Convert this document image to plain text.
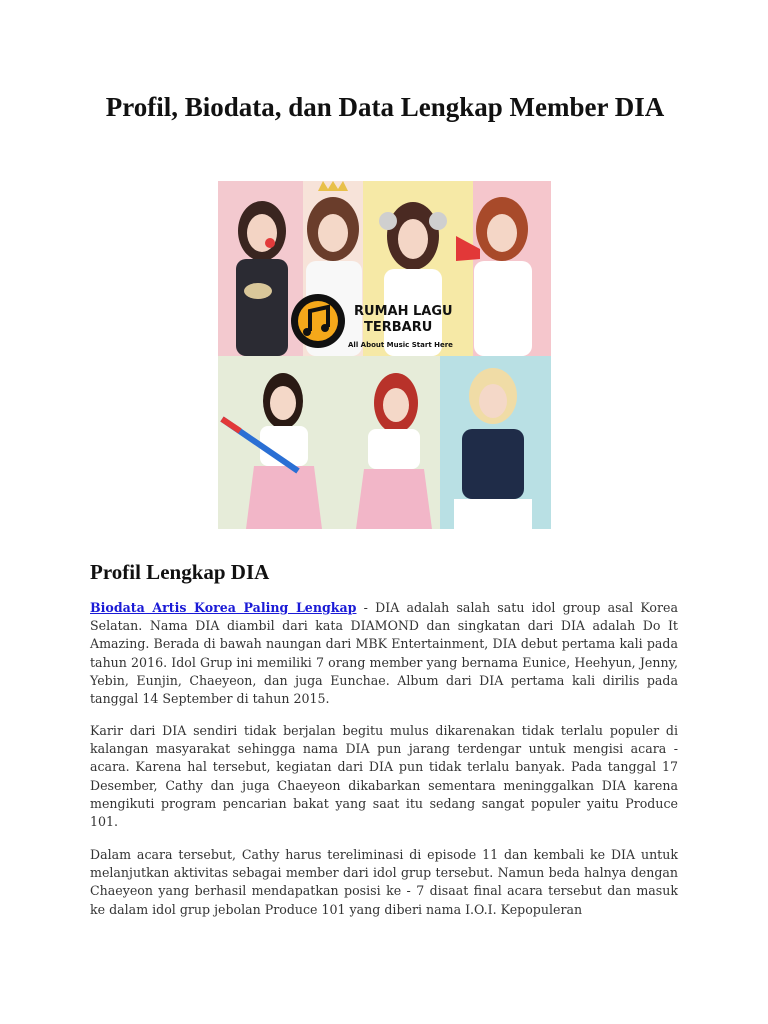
Profil, Biodata, dan Data Lengkap Member DIA
RUMAH LAGU
TERBARU
All About Music Start Here
Profil Lengkap DIA

Biodata Artis Korea Paling Lengkap - DIA adalah salah satu idol group asal Korea Selatan. Nama DIA diambil dari kata DIAMOND dan singkatan dari DIA adalah Do It Amazing. Berada di bawah naungan dari MBK Entertainment, DIA debut pertama kali pada tahun 2016. Idol Grup ini memiliki 7 orang member yang bernama Eunice, Heehyun, Jenny, Yebin, Eunjin, Chaeyeon, dan juga Eunchae. Album dari DIA pertama kali dirilis pada tanggal 14 September di tahun 2015.

Karir dari DIA sendiri tidak berjalan begitu mulus dikarenakan tidak terlalu populer di kalangan masyarakat sehingga nama DIA pun jarang terdengar untuk mengisi acara - acara. Karena hal tersebut, kegiatan dari DIA pun tidak terlalu banyak. Pada tanggal 17 Desember, Cathy dan juga Chaeyeon dikabarkan sementara meninggalkan DIA karena mengikuti program pencarian bakat yang saat itu sedang sangat populer yaitu Produce 101.

Dalam acara tersebut, Cathy harus tereliminasi di episode 11 dan kembali ke DIA untuk melanjutkan aktivitas sebagai member dari idol grup tersebut. Namun beda halnya dengan Chaeyeon yang berhasil mendapatkan posisi ke - 7 disaat final acara tersebut dan masuk ke dalam idol grup jebolan Produce 101 yang diberi nama I.O.I. Kepopuleran
